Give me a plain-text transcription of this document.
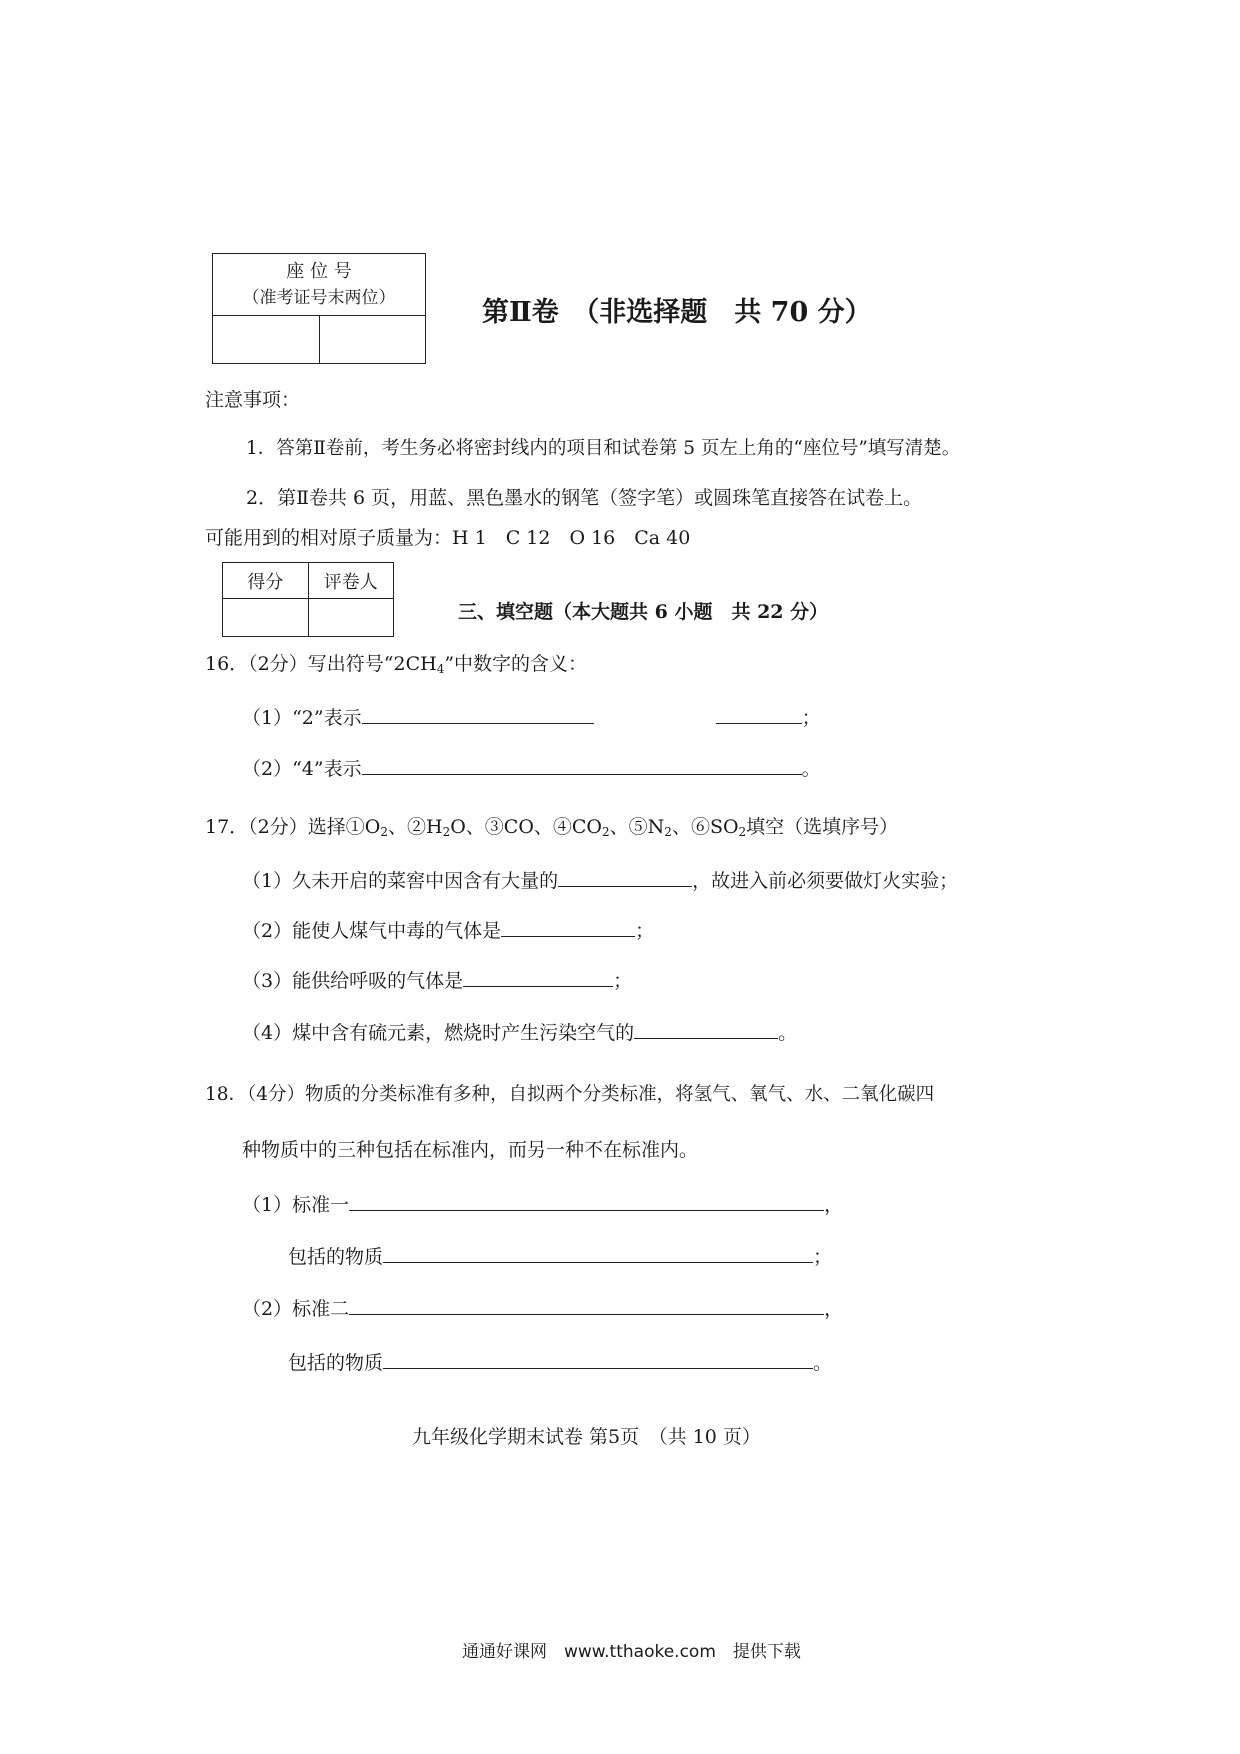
座 位 号
（准考证号末两位）

		第Ⅱ卷　（非选择题　共 70 分）
注意事项：
1．答第Ⅱ卷前，考生务必将密封线内的项目和试卷第 5 页左上角的“座位号”填写清楚。
2．第Ⅱ卷共 6 页，用蓝、黑色墨水的钢笔（签字笔）或圆珠笔直接答在试卷上。
可能用到的相对原子质量为：H 1　C 12　O 16　Ca 40
得分	评卷人

三、填空题（本大题共 6 小题　共 22 分）
16．（2分）写出符号“$2CH_4$”中数字的含义：
（1）“2”表示	；
（2）“4”表示	。
17．（2分）选择$①O_2$、$②H_2O$、③CO、$④CO_2$、$⑤N_2$、$⑥SO_2$填空（选填序号）
（1）久未开启的菜窖中因含有大量的	，故进入前必须要做灯火实验；
（2）能使人煤气中毒的气体是	；
（3）能供给呼吸的气体是	；
（4）煤中含有硫元素，燃烧时产生污染空气的	。
18．（4分）物质的分类标准有多种，自拟两个分类标准，将氢气、氧气、水、二氧化碳四
种物质中的三种包括在标准内，而另一种不在标准内。
（1）标准一	，
包括的物质	；
（2）标准二	，
包括的物质	。
九年级化学期末试卷 第5页　（共 10 页）
通通好课网　www.tthaoke.com　提供下载
